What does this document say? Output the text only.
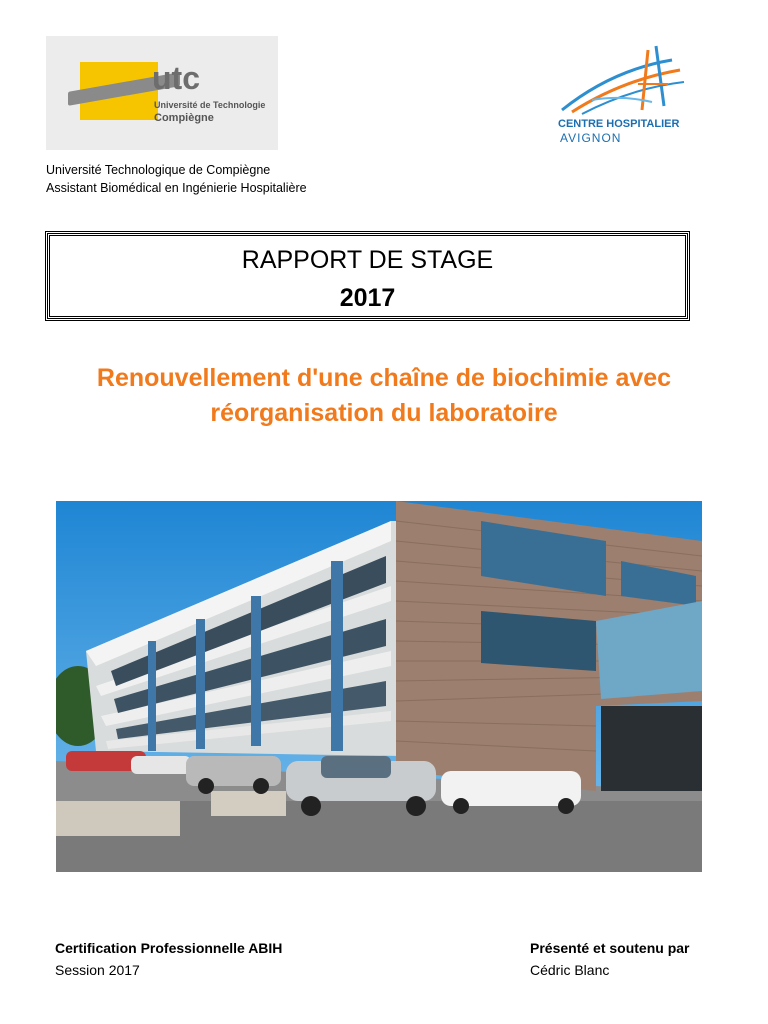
utc
Université de Technologie
Compiègne	CENTRE HOSPITALIER
AVIGNON
Université Technologique de Compiègne
Assistant Biomédical en Ingénierie Hospitalière
RAPPORT DE STAGE
2017
Renouvellement d'une chaîne de biochimie avec
réorganisation du laboratoire
Certification Professionnelle ABIH
Session 2017
Présenté et soutenu par
Cédric Blanc
